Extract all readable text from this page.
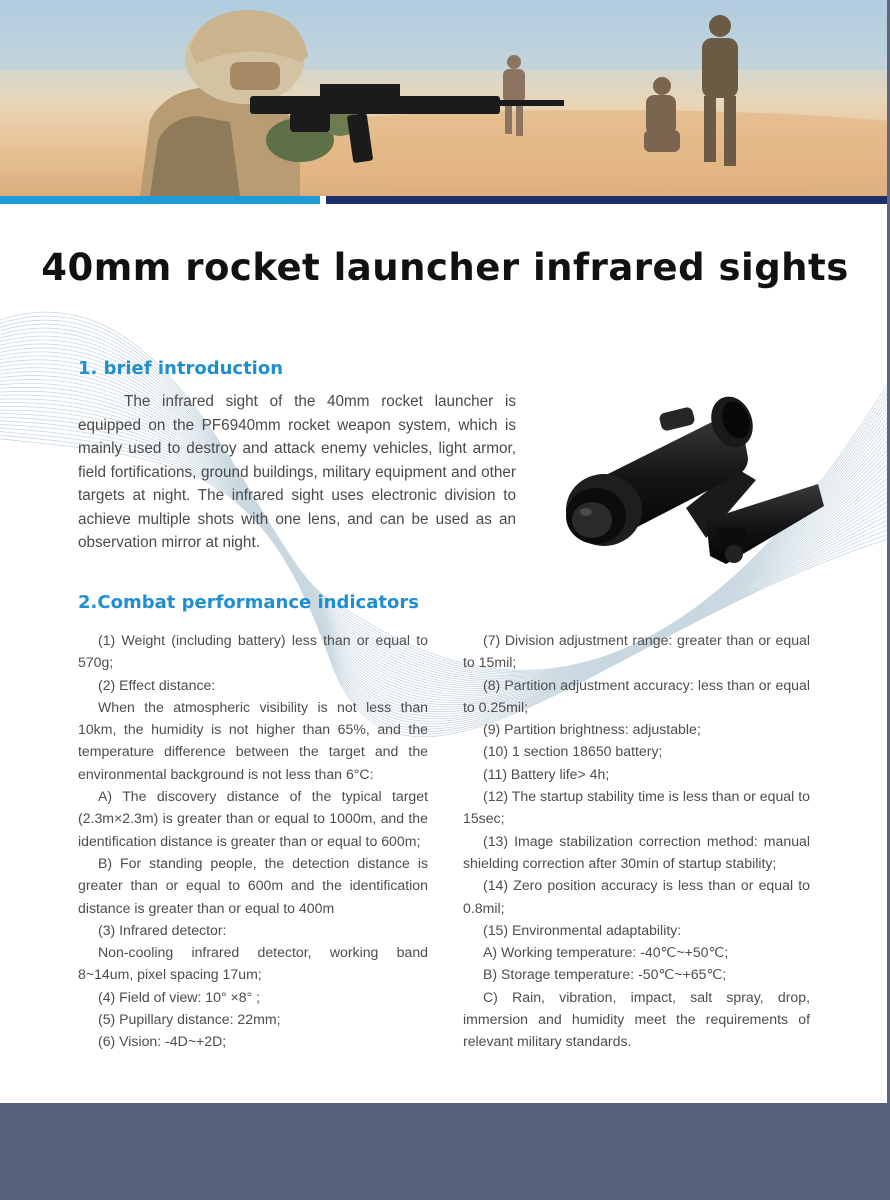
40mm rocket launcher infrared sights
1. brief introduction

The infrared sight of the 40mm rocket launcher is equipped on the PF6940mm rocket weapon system, which is mainly used to destroy and attack enemy vehicles, light armor, field fortifications, ground buildings, military equipment and other targets at night. The infrared sight uses electronic division to achieve multiple shots with one lens, and can be used as an observation mirror at night.

2.Combat performance indicators

(1) Weight (including battery) less than or equal to 570g;

(2) Effect distance:

When the atmospheric visibility is not less than 10km, the humidity is not higher than 65%, and the temperature difference between the target and the environmental background is not less than 6°C:

A) The discovery distance of the typical target (2.3m×2.3m) is greater than or equal to 1000m, and the identification distance is greater than or equal to 600m;

B) For standing people, the detection distance is greater than or equal to 600m and the identification distance is greater than or equal to 400m

(3) Infrared detector:

Non-cooling infrared detector, working band 8~14um, pixel spacing 17um;

(4) Field of view: 10° ×8° ;

(5) Pupillary distance: 22mm;

(6) Vision: -4D~+2D;

(7) Division adjustment range: greater than or equal to 15mil;

(8) Partition adjustment accuracy: less than or equal to 0.25mil;

(9) Partition brightness: adjustable;

(10) 1 section 18650 battery;

(11) Battery life> 4h;

(12) The startup stability time is less than or equal to 15sec;

(13) Image stabilization correction method: manual shielding correction after 30min of startup stability;

(14) Zero position accuracy is less than or equal to 0.8mil;

(15) Environmental adaptability:

A) Working temperature: -40℃~+50℃;

B) Storage temperature: -50℃~+65℃;

C) Rain, vibration, impact, salt spray, drop, immersion and humidity meet the requirements of relevant military standards.
